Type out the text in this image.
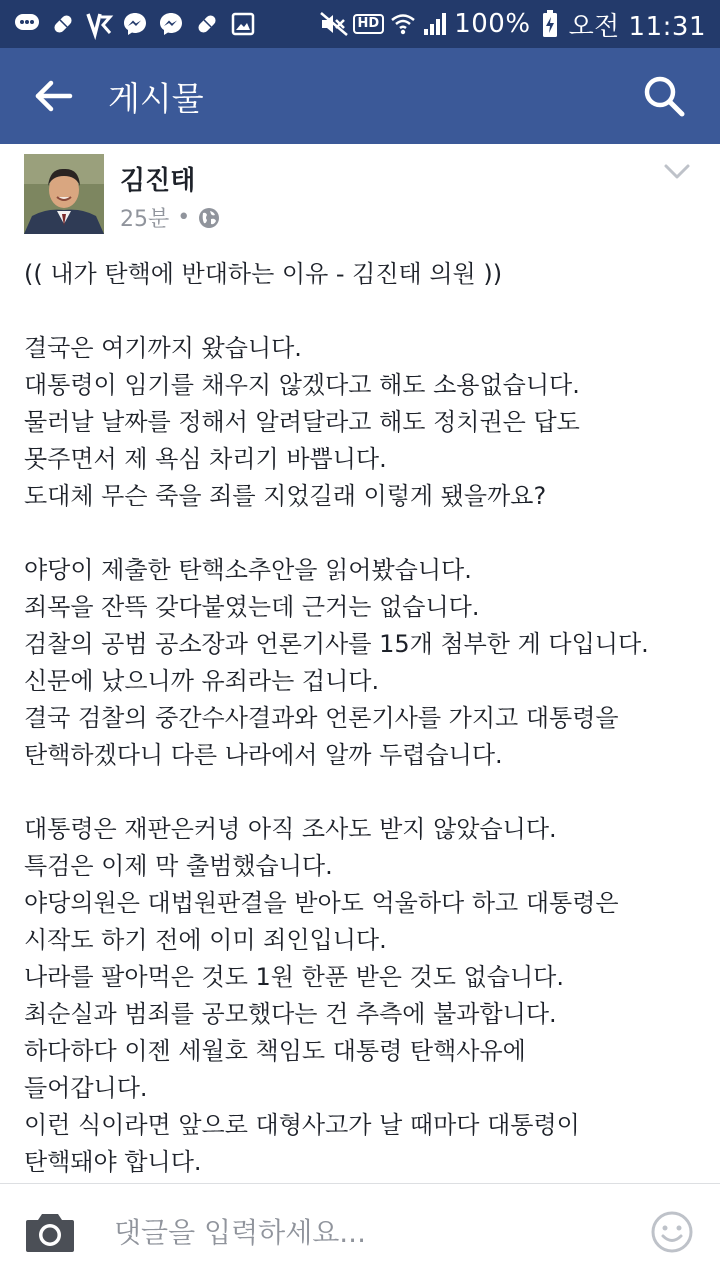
HD	100% 오전 11:31
게시물
김진태
25분 •

(( 내가 탄핵에 반대하는 이유 - 김진태 의원 ))

결국은 여기까지 왔습니다.

대통령이 임기를 채우지 않겠다고 해도 소용없습니다.

물러날 날짜를 정해서 알려달라고 해도 정치권은 답도

못주면서 제 욕심 차리기 바쁩니다.

도대체 무슨 죽을 죄를 지었길래 이렇게 됐을까요?

야당이 제출한 탄핵소추안을 읽어봤습니다.

죄목을 잔뜩 갖다붙였는데 근거는 없습니다.

검찰의 공범 공소장과 언론기사를 15개 첨부한 게 다입니다.

신문에 났으니까 유죄라는 겁니다.

결국 검찰의 중간수사결과와 언론기사를 가지고 대통령을

탄핵하겠다니 다른 나라에서 알까 두렵습니다.

대통령은 재판은커녕 아직 조사도 받지 않았습니다.

특검은 이제 막 출범했습니다.

야당의원은 대법원판결을 받아도 억울하다 하고 대통령은

시작도 하기 전에 이미 죄인입니다.

나라를 팔아먹은 것도 1원 한푼 받은 것도 없습니다.

최순실과 범죄를 공모했다는 건 추측에 불과합니다.

하다하다 이젠 세월호 책임도 대통령 탄핵사유에

들어갑니다.

이런 식이라면 앞으로 대형사고가 날 때마다 대통령이

탄핵돼야 합니다.

댓글을 입력하세요...
